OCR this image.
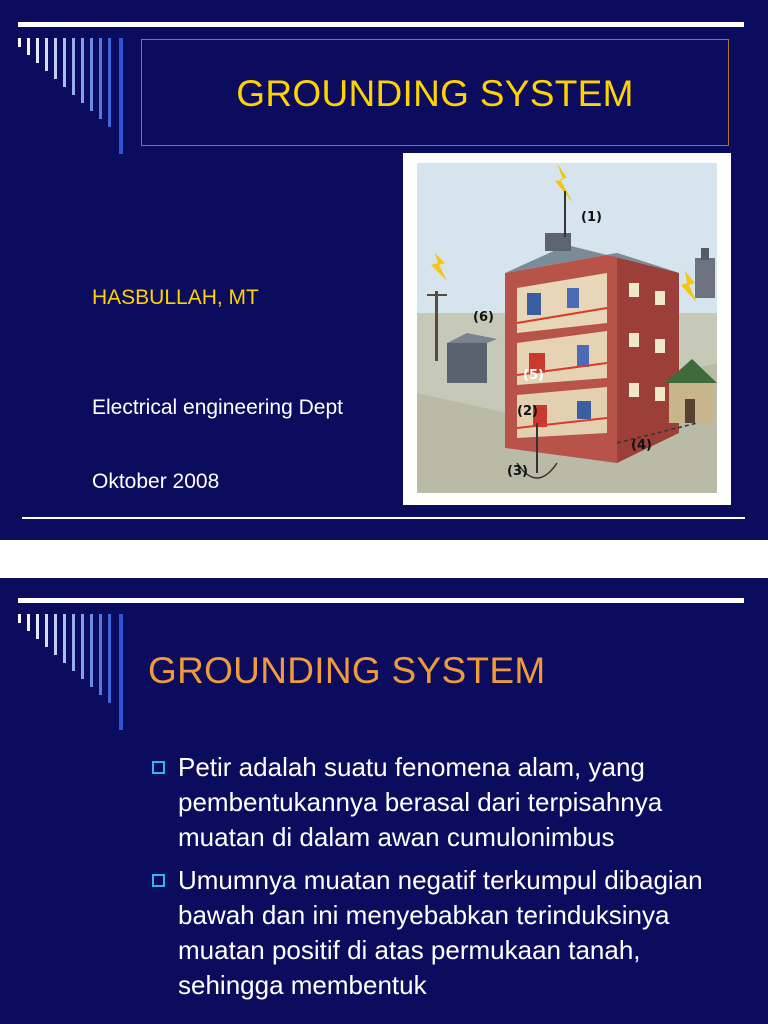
GROUNDING SYSTEM
HASBULLAH, MT
Electrical engineering Dept
Oktober 2008
(1)
(2)
(3)
(4)
(5)
(6)
GROUNDING SYSTEM
Petir adalah suatu fenomena alam, yang pembentukannya berasal dari terpisahnya   muatan di dalam awan cumulonimbus
Umumnya muatan negatif terkumpul dibagian bawah dan ini menyebabkan terinduksinya muatan positif di atas permukaan tanah, sehingga membentuk
